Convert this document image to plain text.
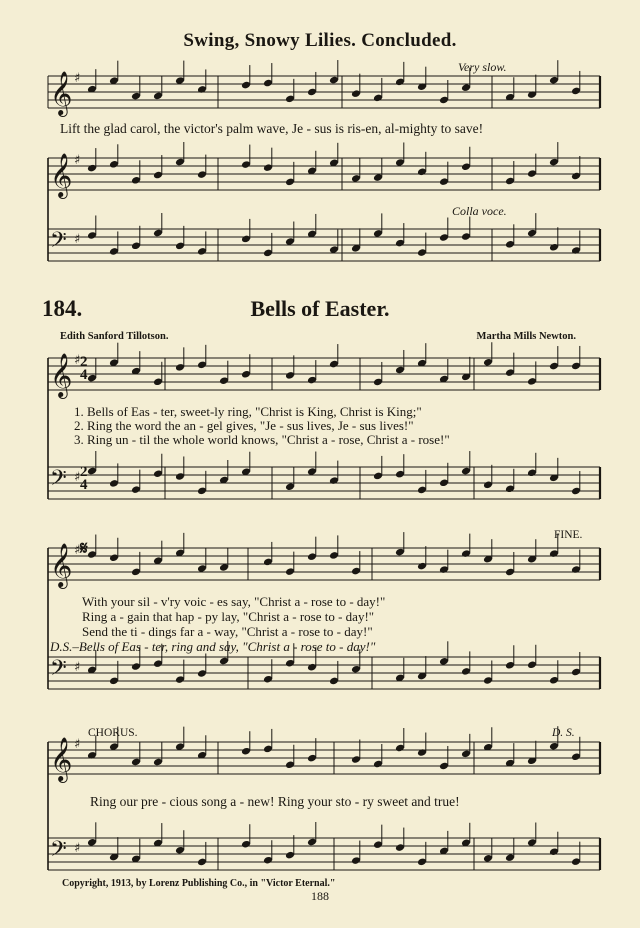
Swing, Snowy Lilies. Concluded.
184.	Bells of Easter.
Edith Sanford Tillotson.	Martha Mills Newton.
Very slow.
Colla voce.
FINE.
CHORUS.	D. S.
𝄋
2
4
2
4
Lift the glad carol, the victor's palm wave, Je - sus is ris-en, al-mighty to save!
1. Bells of Eas - ter, sweet-ly ring, "Christ is King, Christ is King;"
2. Ring the word the an - gel gives, "Je - sus lives, Je - sus lives!"
3. Ring un - til the whole world knows, "Christ a - rose, Christ a - rose!"
With your sil - v'ry voic - es say, "Christ a - rose to - day!"
Ring a - gain that hap - py lay, "Christ a - rose to - day!"
Send the ti - dings far a - way, "Christ a - rose to - day!"
D.S.–Bells of Eas - ter, ring and say, "Christ a - rose to - day!"
Ring our pre - cious song a - new! Ring your sto - ry sweet and true!
Copyright, 1913, by Lorenz Publishing Co., in "Victor Eternal."
188
𝄞 ♯
𝄞 ♯
𝄢 ♯
𝄞 ♯
𝄢 ♯
𝄞 ♯
𝄢 ♯
𝄞 ♯
𝄢 ♯
